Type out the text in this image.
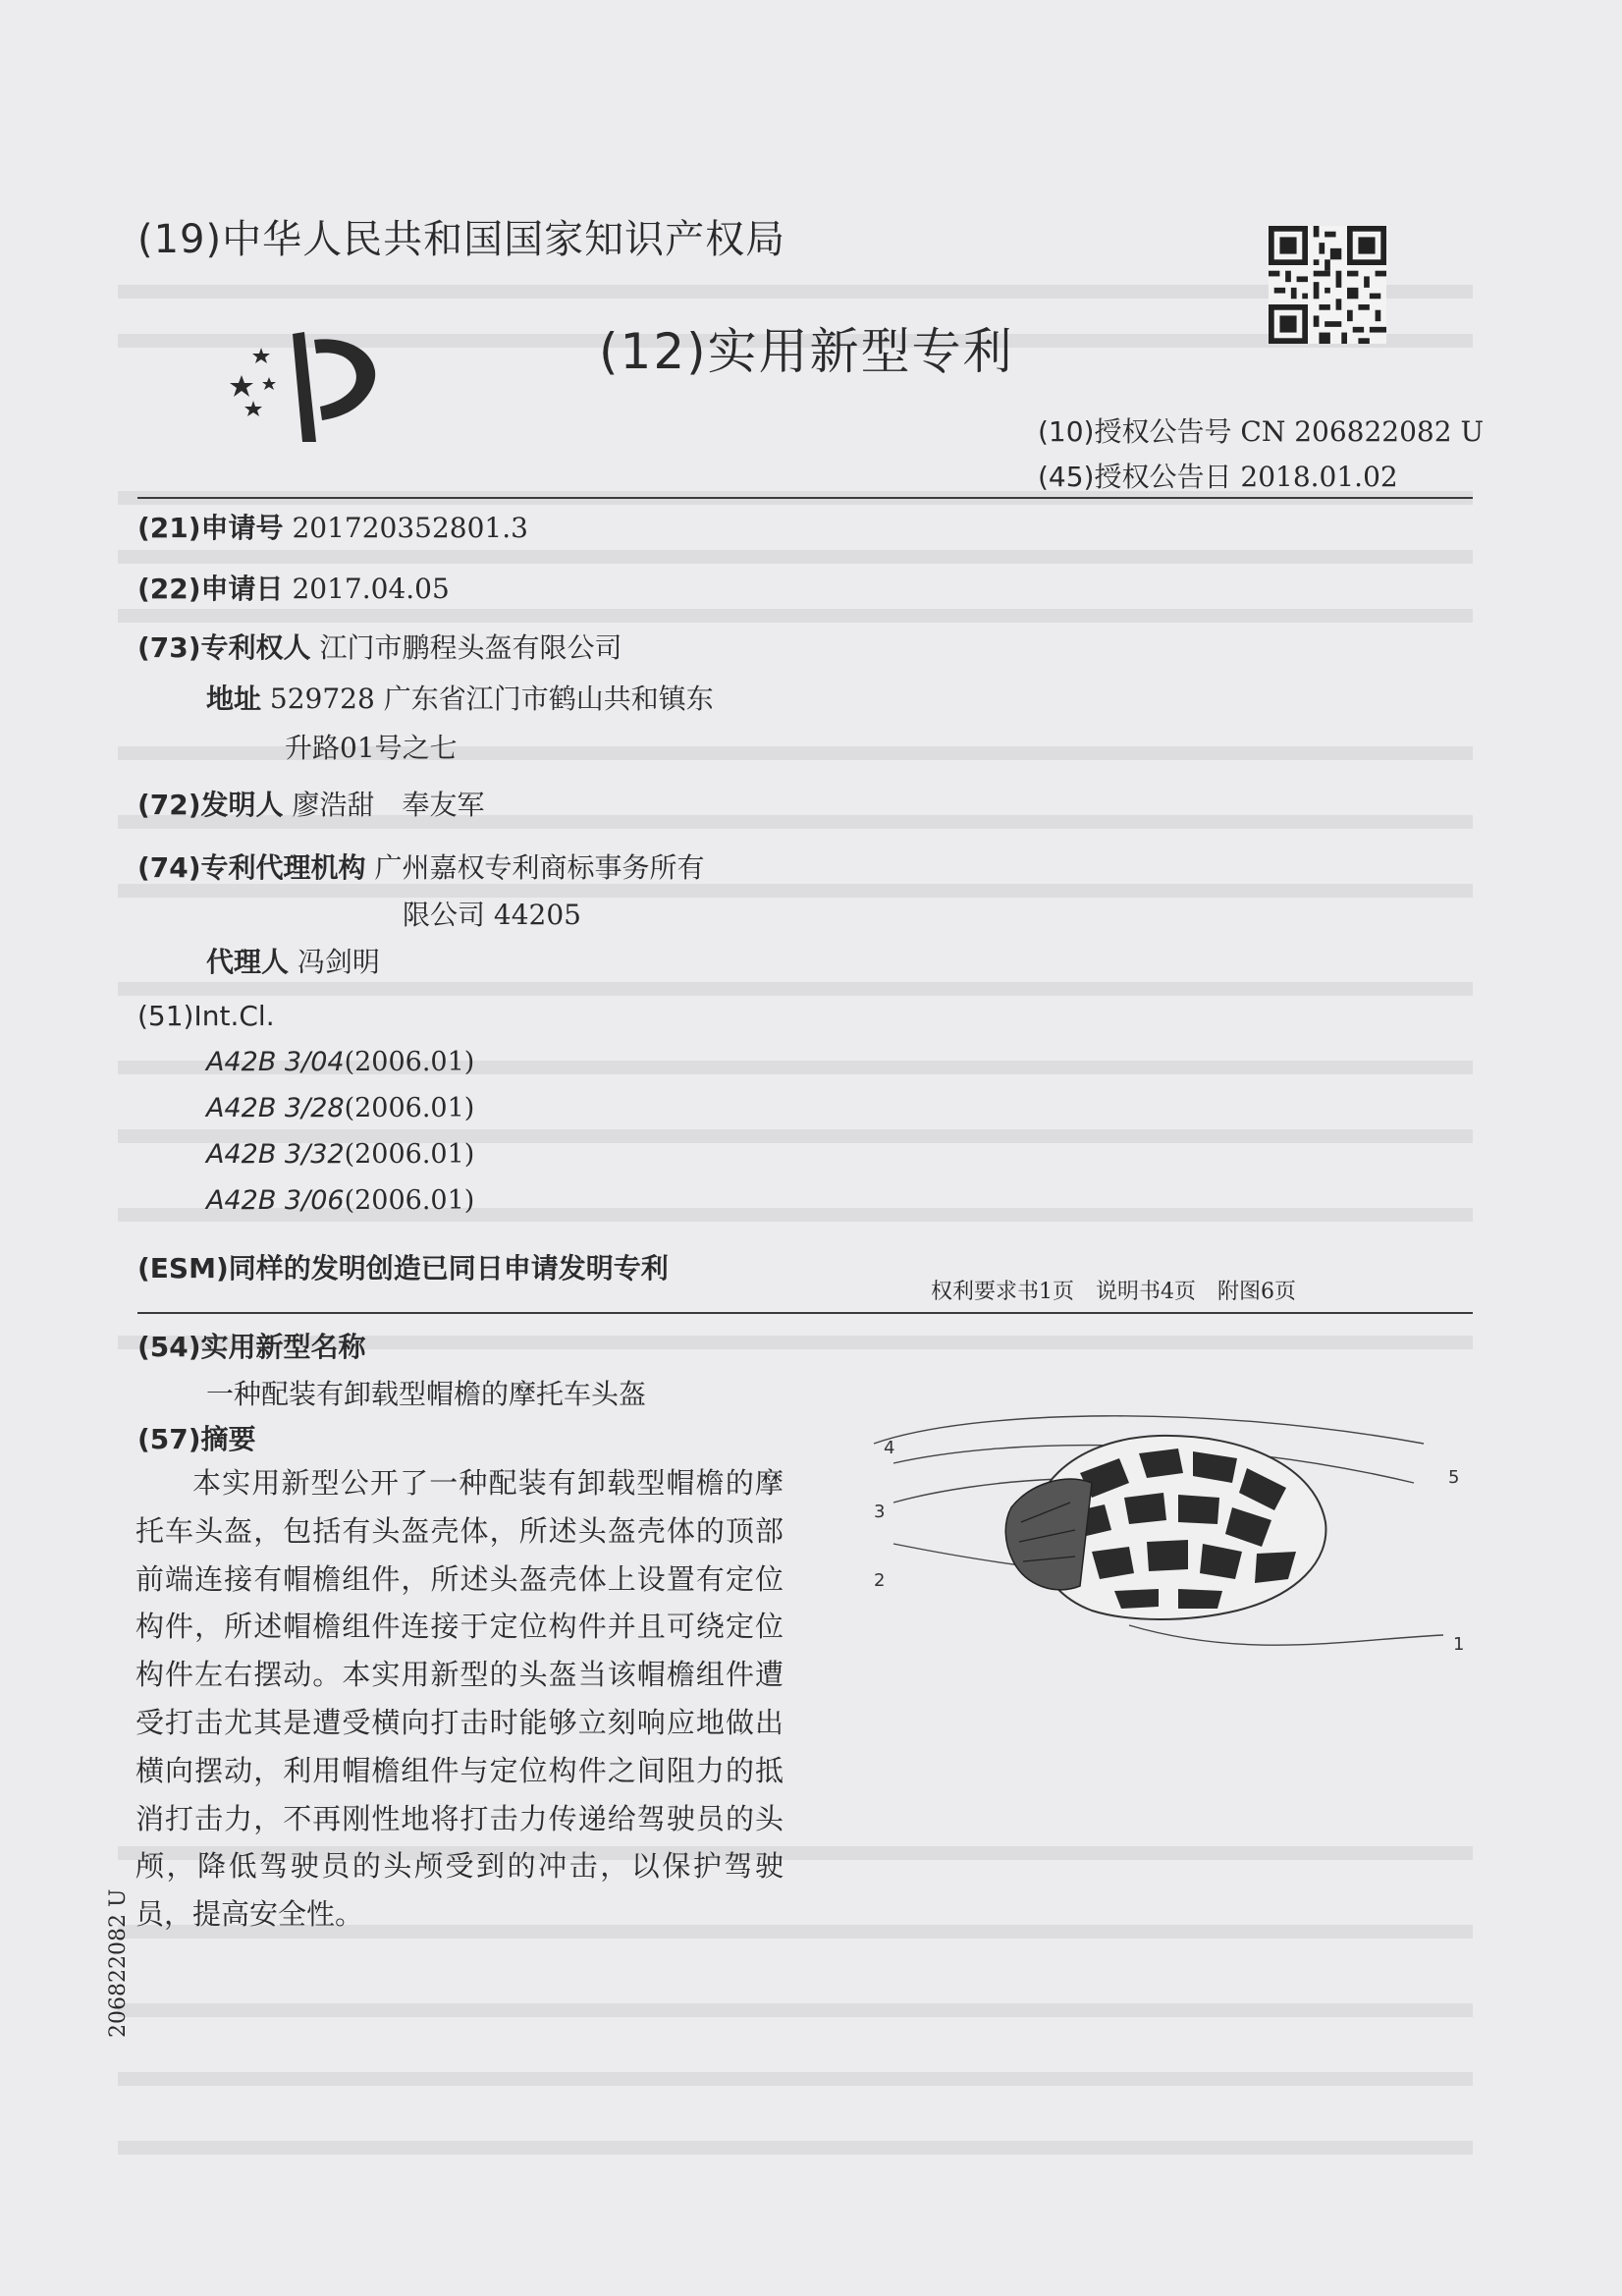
(19)中华人民共和国国家知识产权局
(12)实用新型专利
(10)授权公告号 CN 206822082 U
(45)授权公告日 2018.01.02
(21)申请号 201720352801.3
(22)申请日 2017.04.05
(73)专利权人 江门市鹏程头盔有限公司
地址 529728 广东省江门市鹤山共和镇东
升路01号之七
(72)发明人 廖浩甜　奉友军
(74)专利代理机构 广州嘉权专利商标事务所有
限公司 44205
代理人 冯剑明
(51)Int.Cl.
A42B 3/04(2006.01)
A42B 3/28(2006.01)
A42B 3/32(2006.01)
A42B 3/06(2006.01)
(ESM)同样的发明创造已同日申请发明专利
权利要求书1页　说明书4页　附图6页
(54)实用新型名称
一种配装有卸载型帽檐的摩托车头盔
(57)摘要
本实用新型公开了一种配装有卸载型帽檐的摩托车头盔，包括有头盔壳体，所述头盔壳体的顶部前端连接有帽檐组件，所述头盔壳体上设置有定位构件，所述帽檐组件连接于定位构件并且可绕定位构件左右摆动。本实用新型的头盔当该帽檐组件遭受打击尤其是遭受横向打击时能够立刻响应地做出横向摆动，利用帽檐组件与定位构件之间阻力的抵消打击力，不再刚性地将打击力传递给驾驶员的头颅，降低驾驶员的头颅受到的冲击，以保护驾驶员，提高安全性。
1
2
3
4
5
206822082 U
